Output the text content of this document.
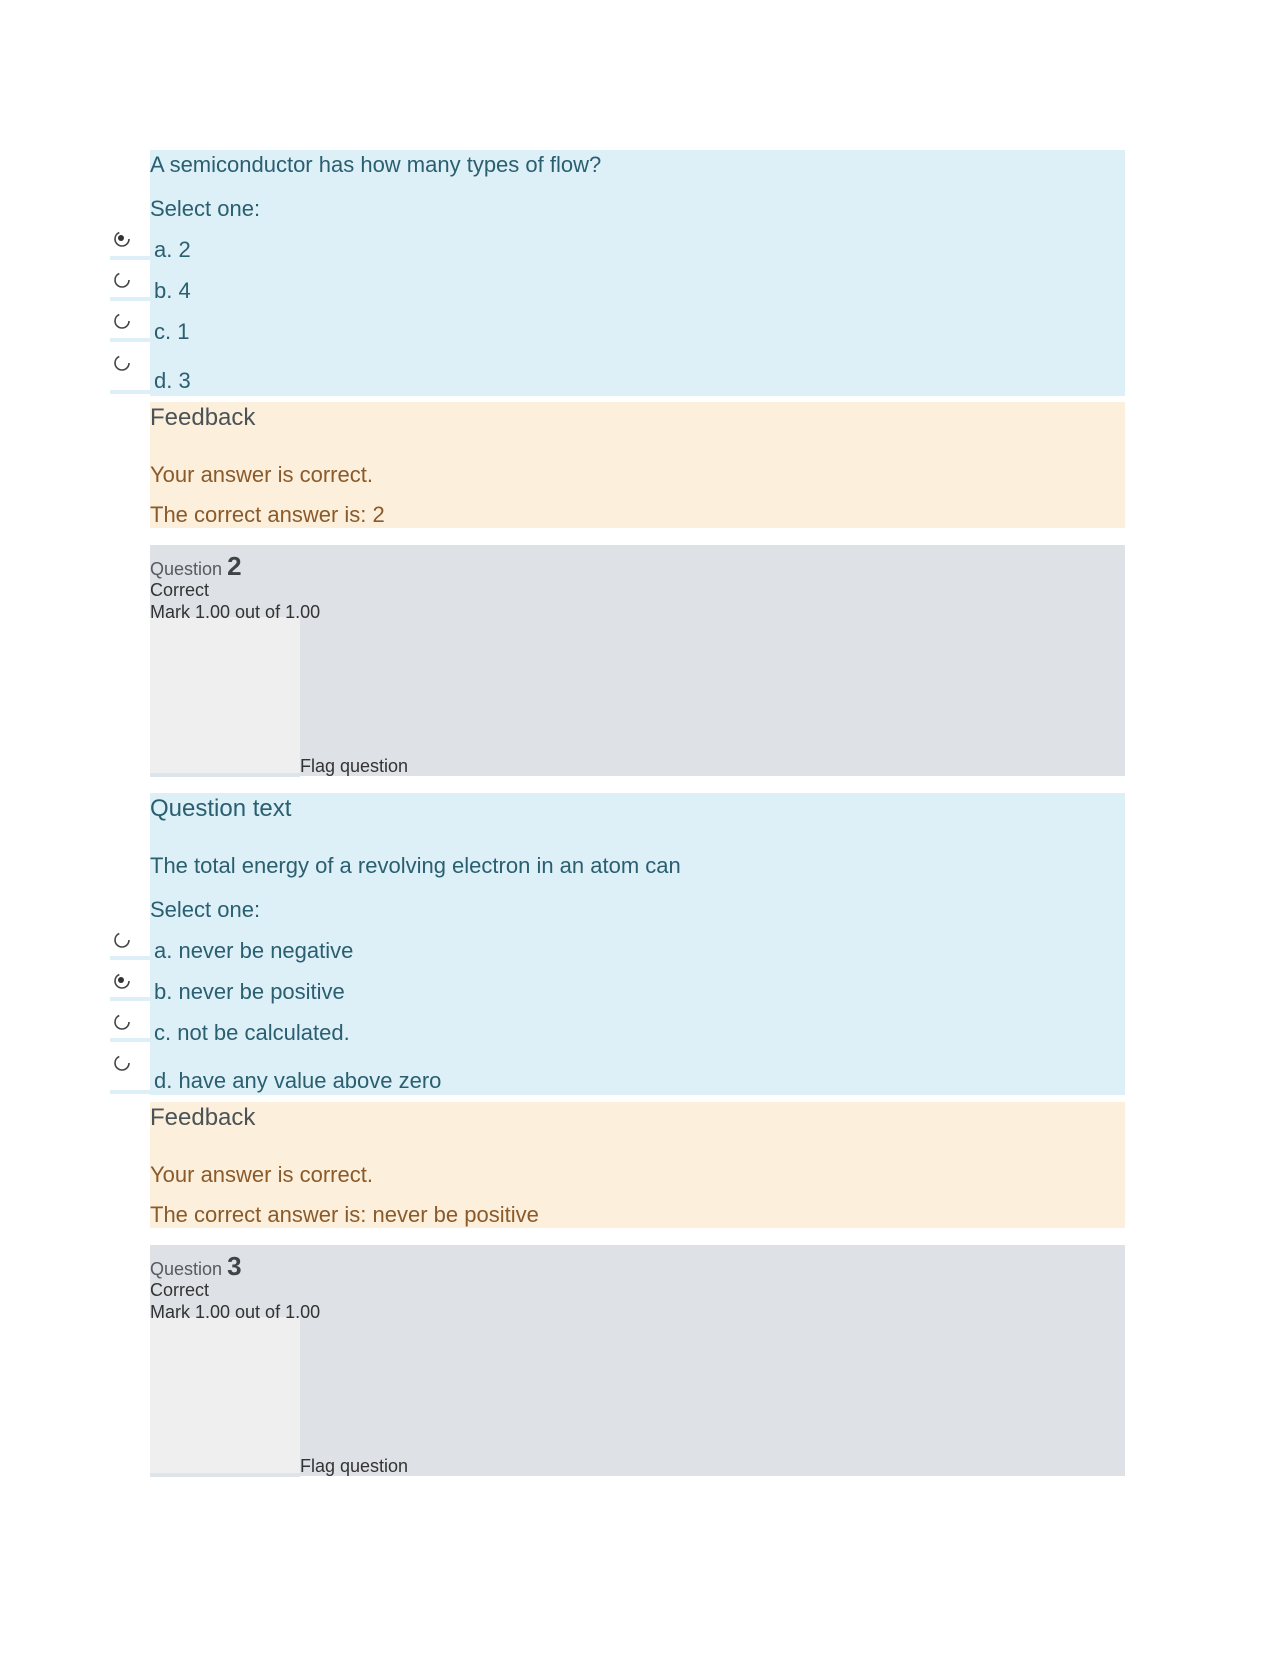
A semiconductor has how many types of flow?
Select one:
a. 2
b. 4
c. 1
d. 3
Feedback
Your answer is correct.
The correct answer is: 2
Question 2
Correct
Mark 1.00 out of 1.00
Flag question
Question text
The total energy of a revolving electron in an atom can
Select one:
a. never be negative
b. never be positive
c. not be calculated.
d. have any value above zero
Feedback
Your answer is correct.
The correct answer is: never be positive
Question 3
Correct
Mark 1.00 out of 1.00
Flag question
